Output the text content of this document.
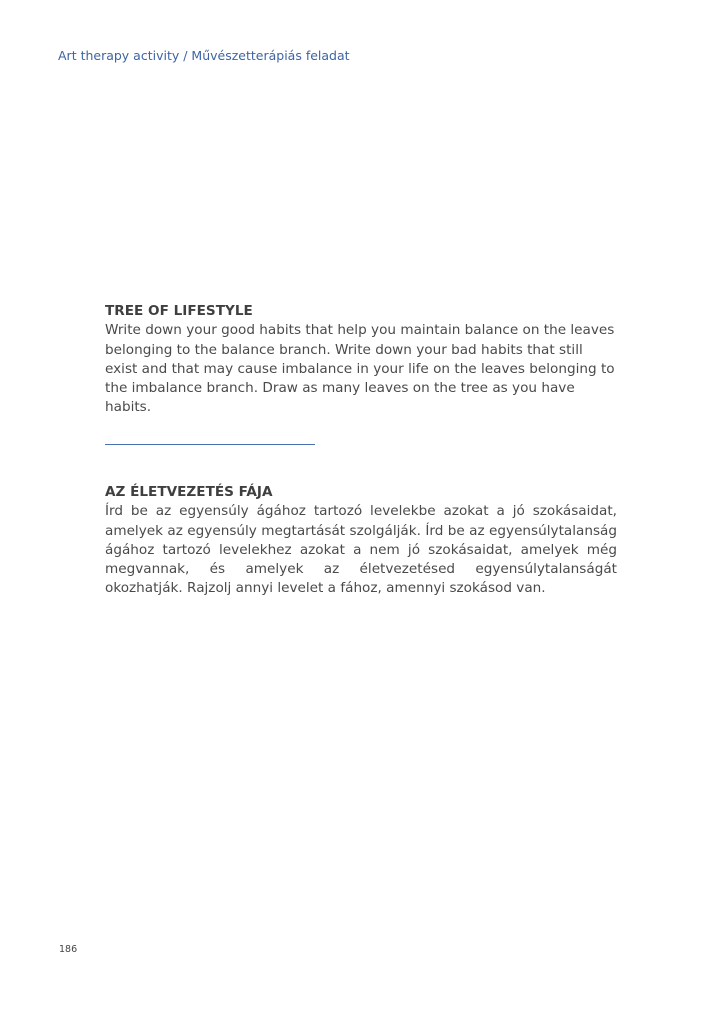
Art therapy activity / Művészetterápiás feladat
TREE OF LIFESTYLE
Write down your good habits that help you maintain balance on the leaves belonging to the balance branch. Write down your bad habits that still exist and that may cause imbalance in your life on the leaves belonging to the imbalance branch. Draw as many leaves on the tree as you have habits.
AZ ÉLETVEZETÉS FÁJA
Írd be az egyensúly ágához tartozó levelekbe azokat a jó szokásaidat, amelyek az egyensúly megtartását szolgálják. Írd be az egyensúlytalanság ágához tartozó levelekhez azokat a nem jó szokásaidat, amelyek még megvannak, és amelyek az életvezetésed egyensúlytalanságát okozhatják. Rajzolj annyi levelet a fához, amennyi szokásod van.
186
